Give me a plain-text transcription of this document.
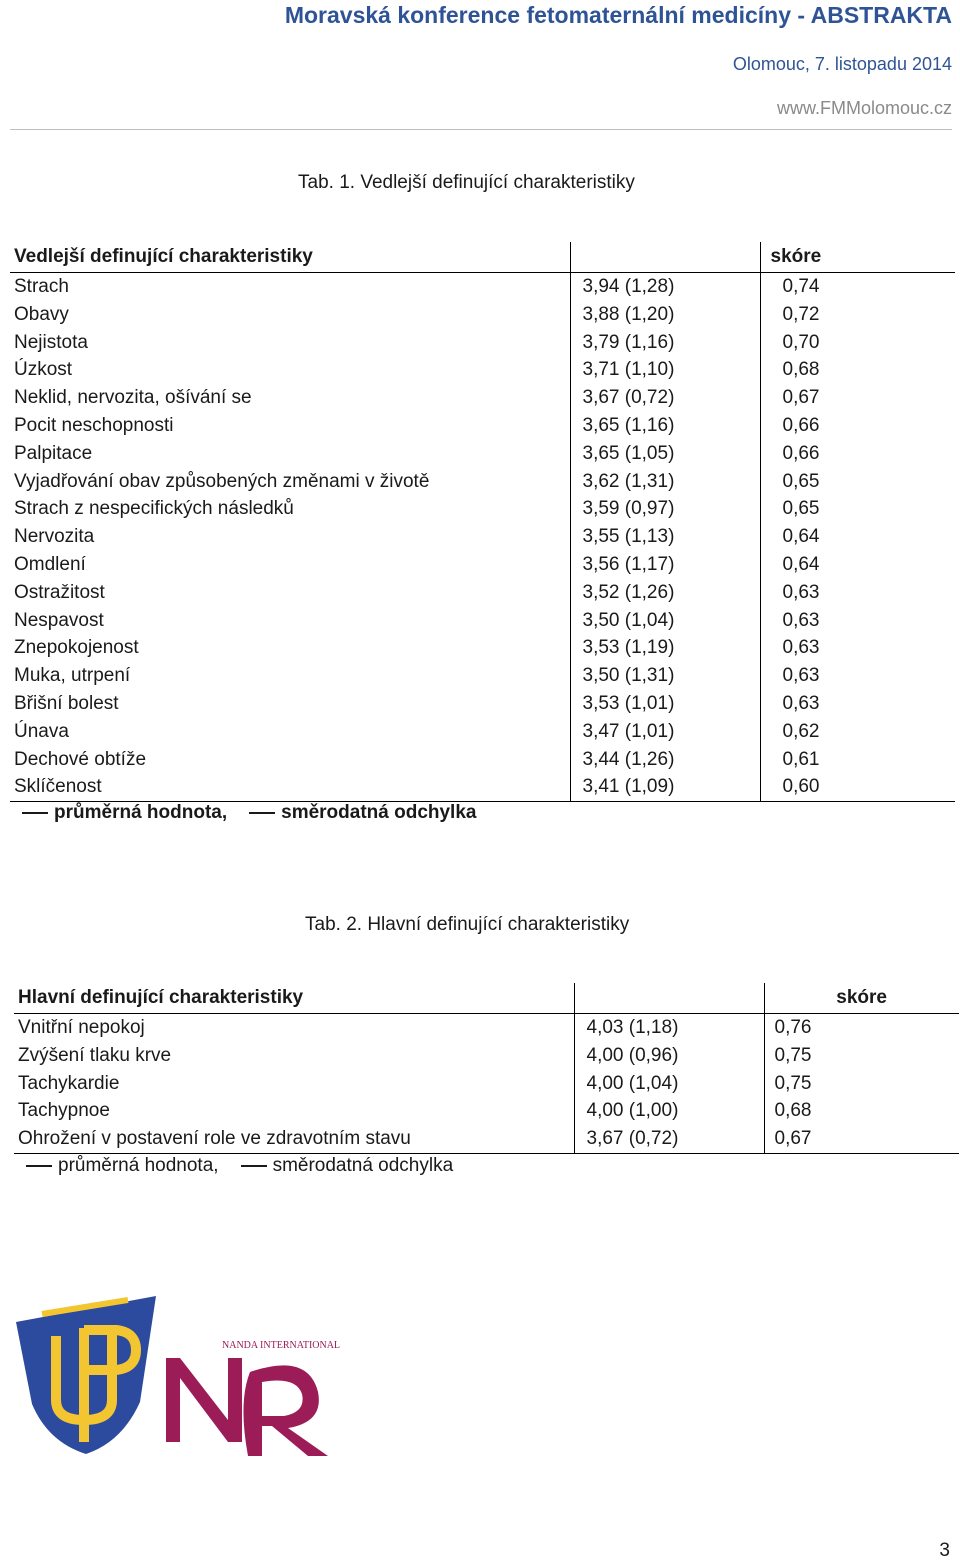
Moravská konference fetomaternální medicíny - ABSTRAKTA
Olomouc, 7. listopadu 2014
www.FMMolomouc.cz
Tab. 1. Vedlejší definující charakteristiky
Vedlejší definující charakteristiky		skóre
Strach	3,94 (1,28)	0,74
Obavy	3,88 (1,20)	0,72
Nejistota	3,79 (1,16)	0,70
Úzkost	3,71 (1,10)	0,68
Neklid, nervozita, ošívání se	3,67 (0,72)	0,67
Pocit neschopnosti	3,65 (1,16)	0,66
Palpitace	3,65 (1,05)	0,66
Vyjadřování obav způsobených změnami v životě	3,62 (1,31)	0,65
Strach z nespecifických následků	3,59 (0,97)	0,65
Nervozita	3,55 (1,13)	0,64
Omdlení	3,56 (1,17)	0,64
Ostražitost	3,52 (1,26)	0,63
Nespavost	3,50 (1,04)	0,63
Znepokojenost	3,53 (1,19)	0,63
Muka, utrpení	3,50 (1,31)	0,63
Břišní bolest	3,53 (1,01)	0,63
Únava	3,47 (1,01)	0,62
Dechové obtíže	3,44 (1,26)	0,61
Sklíčenost	3,41 (1,09)	0,60
průměrná hodnota,	směrodatná odchylka
Tab. 2. Hlavní definující charakteristiky
Hlavní definující charakteristiky		skóre
Vnitřní nepokoj	4,03 (1,18)	0,76
Zvýšení tlaku krve	4,00 (0,96)	0,75
Tachykardie	4,00 (1,04)	0,75
Tachypnoe	4,00 (1,00)	0,68
Ohrožení v postavení role ve zdravotním stavu	3,67 (0,72)	0,67
průměrná hodnota,	směrodatná odchylka
NANDA INTERNATIONAL
3
